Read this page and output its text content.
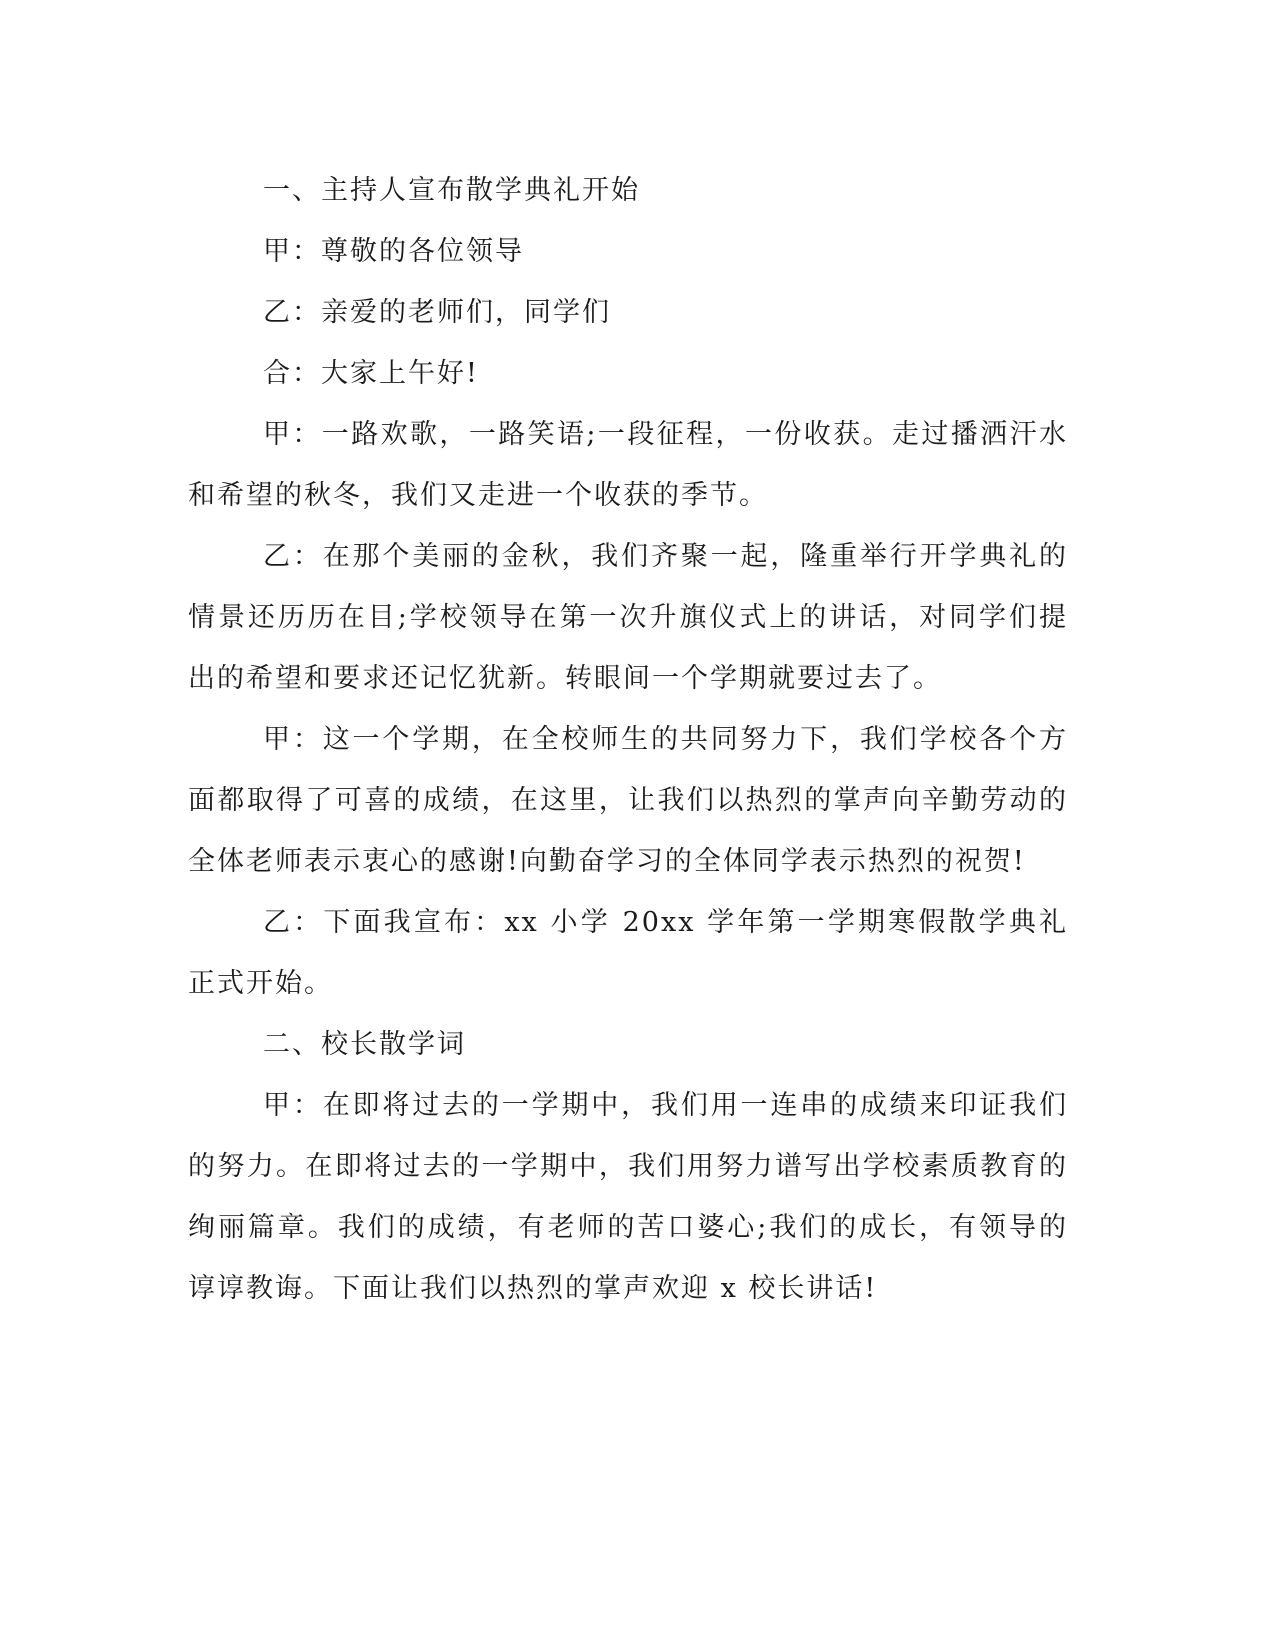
一、主持人宣布散学典礼开始

甲：尊敬的各位领导

乙：亲爱的老师们，同学们

合：大家上午好!

甲：一路欢歌，一路笑语;一段征程，一份收获。走过播洒汗水和希望的秋冬，我们又走进一个收获的季节。

乙：在那个美丽的金秋，我们齐聚一起，隆重举行开学典礼的情景还历历在目;学校领导在第一次升旗仪式上的讲话，对同学们提出的希望和要求还记忆犹新。转眼间一个学期就要过去了。

甲：这一个学期，在全校师生的共同努力下，我们学校各个方面都取得了可喜的成绩，在这里，让我们以热烈的掌声向辛勤劳动的全体老师表示衷心的感谢!向勤奋学习的全体同学表示热烈的祝贺!

乙：下面我宣布：xx 小学 20xx 学年第一学期寒假散学典礼正式开始。

二、校长散学词

甲：在即将过去的一学期中，我们用一连串的成绩来印证我们的努力。在即将过去的一学期中，我们用努力谱写出学校素质教育的绚丽篇章。我们的成绩，有老师的苦口婆心;我们的成长，有领导的谆谆教诲。下面让我们以热烈的掌声欢迎 x 校长讲话!
